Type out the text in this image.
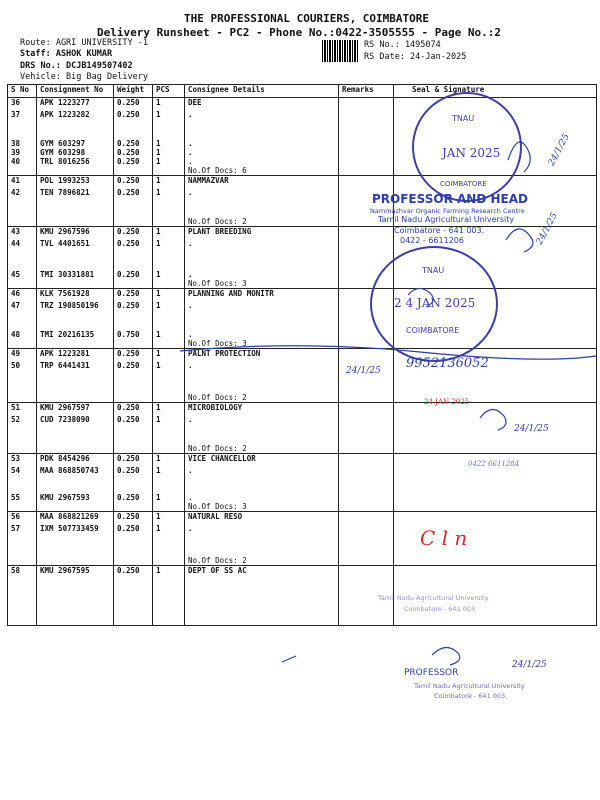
THE PROFESSIONAL COURIERS, COIMBATORE
Delivery Runsheet - PC2 - Phone No.:0422-3505555 - Page No.:2
Route: AGRI UNIVERSITY -1
Staff: ASHOK KUMAR
DRS No.: DCJB149507402
Vehicle: Big Bag Delivery
RS No.: 1495074
RS Date: 24-Jan-2025
S No	Consignment No	Weight	PCS	Consignee Details	Remarks	Seal & Signature
36	APK 1223277	0.250	1	DEE		
37	APK 1223282	0.250	1	.		
38	GYM 603297	0.250	1	.		
39	GYM 603298	0.250	1	.		
40	TRL 8016256	0.250	1	.		
				No.Of Docs: 6		
41	POL 1993253	0.250	1	NAMMAZVAR		
42	TEN 7896821	0.250	1	.		
				No.Of Docs: 2		
43	KMU 2967596	0.250	1	PLANT BREEDING		
44	TVL 4401651	0.250	1	.		
45	TMI 30331881	0.250	1	.		
				No.Of Docs: 3		
46	KLK 7561928	0.250	1	PLANNING AND MONITR		
47	TRZ 190850196	0.250	1	.		
48	TMI 20216135	0.750	1	.		
				No.Of Docs: 3		
49	APK 1223281	0.250	1	PALNT PROTECTION		
50	TRP 6441431	0.250	1	.		
				No.Of Docs: 2		
51	KMU 2967597	0.250	1	MICROBIOLOGY		
52	CUD 7238090	0.250	1	.		
				No.Of Docs: 2		
53	PDK 8454296	0.250	1	VICE CHANCELLOR		
54	MAA 868850743	0.250	1	.		
55	KMU 2967593	0.250	1	.		
				No.Of Docs: 3		
56	MAA 868821269	0.250	1	NATURAL RESO		
57	IXM 507733459	0.250	1	.		
				No.Of Docs: 2		
58	KMU 2967595	0.250	1	DEPT OF SS AC		

TNAU
JAN 2025
COIMBATORE
PROFESSOR AND HEAD
Nammazhvar Organic Farming Research Centre
Tamil Nadu Agricultural University
Coimbatore - 641 003.
0422 - 6611206
TNAU
2 4 JAN 2025
COIMBATORE
24 JAN 2025
Tamil Nadu Agricultural University
Coimbatore - 641 003
PROFESSOR
Tamil Nadu Agricultural University
Coimbatore - 641 003.
24/1/25
24/1/25
24/1/25 9952136052
24/1/25
0422 6611284
C l n
24/1/25
